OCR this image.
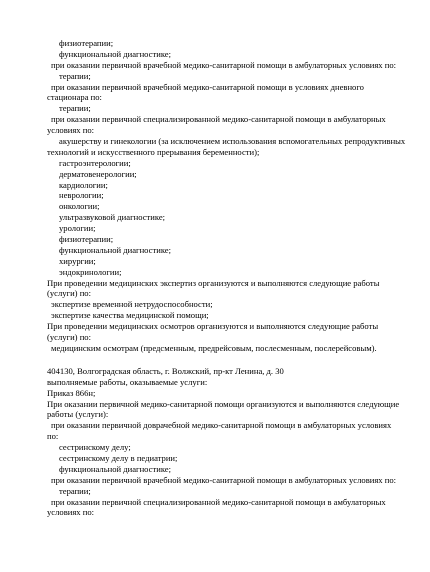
физиотерапии;
функциональной диагностике;
при оказании первичной врачебной медико-санитарной помощи в амбулаторных условиях по:
терапии;
при оказании первичной врачебной медико-санитарной помощи в условиях дневного
стационара по:
терапии;
при оказании первичной специализированной медико-санитарной помощи в амбулаторных
условиях по:
акушерству и гинекологии (за исключением использования вспомогательных репродуктивных
технологий и искусственного прерывания беременности);
гастроэнтерологии;
дерматовенерологии;
кардиологии;
неврологии;
онкологии;
ультразвуковой диагностике;
урологии;
физиотерапии;
функциональной диагностике;
хирургии;
эндокринологии;
При проведении медицинских экспертиз организуются и выполняются следующие работы
(услуги) по:
экспертизе временной нетрудоспособности;
экспертизе качества медицинской помощи;
При проведении медицинских осмотров организуются и выполняются следующие работы
(услуги) по:
медицинским осмотрам (предсменным, предрейсовым, послесменным, послерейсовым).
404130, Волгоградская область, г. Волжский, пр-кт Ленина, д. 30
выполняемые работы, оказываемые услуги:
Приказ 866н;
При оказании первичной медико-санитарной помощи организуются и выполняются следующие
работы (услуги):
при оказании первичной доврачебной медико-санитарной помощи в амбулаторных условиях
по:
сестринскому делу;
сестринскому делу в педиатрии;
функциональной диагностике;
при оказании первичной врачебной медико-санитарной помощи в амбулаторных условиях по:
терапии;
при оказании первичной специализированной медико-санитарной помощи в амбулаторных
условиях по:
